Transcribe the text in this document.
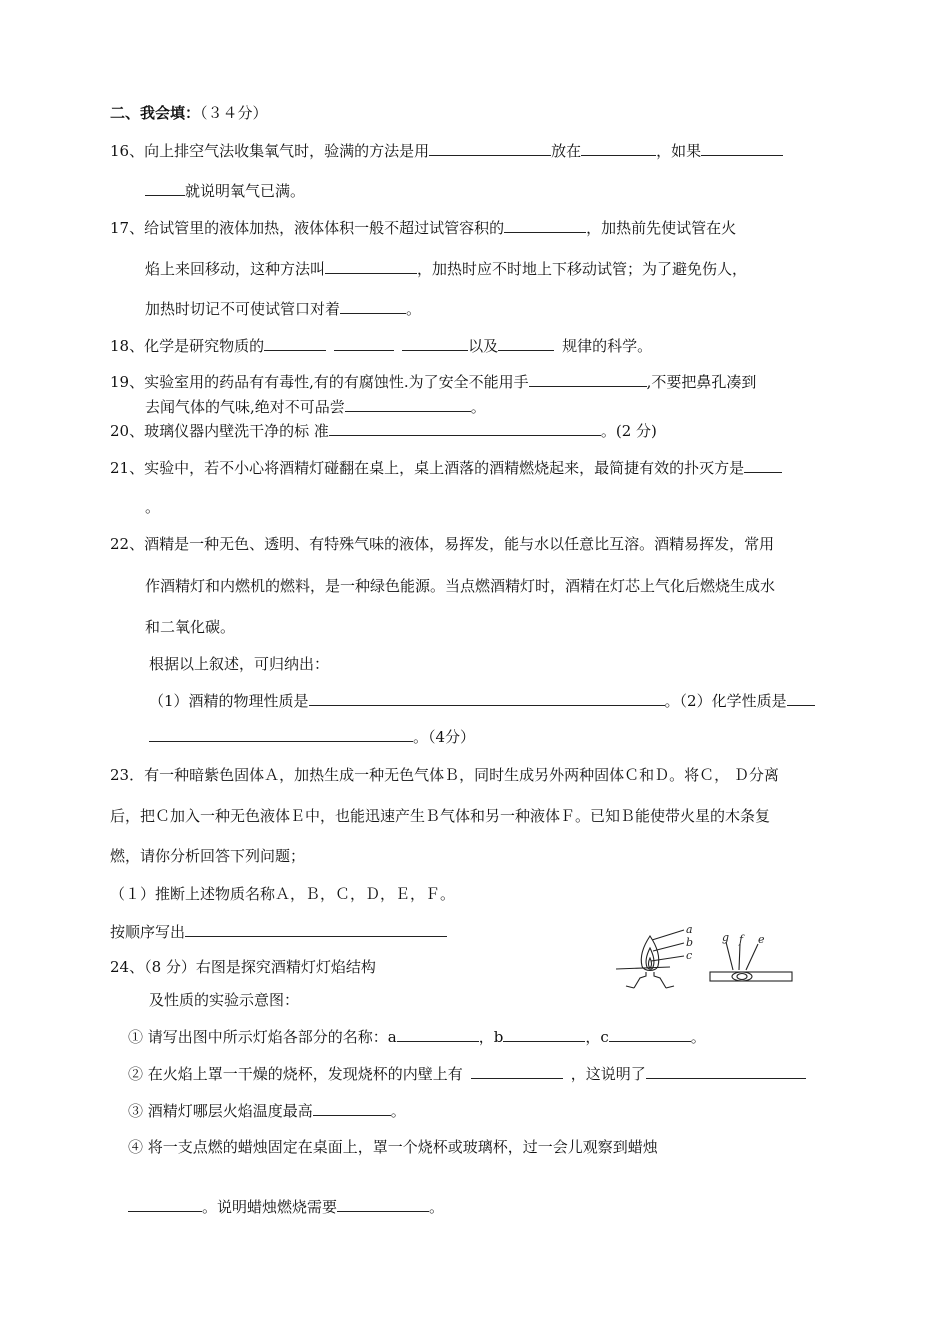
二、我会填：（３４分）
16、向上排空气法收集氧气时，验满的方法是用	放在	，如果
就说明氧气已满。
17、给试管里的液体加热，液体体积一般不超过试管容积的	，加热前先使试管在火
焰上来回移动，这种方法叫	，加热时应不时地上下移动试管；为了避免伤人，
加热时切记不可使试管口对着	。
18、化学是研究物质的	以及	规律的科学。
19、实验室用的药品有有毒性,有的有腐蚀性.为了安全不能用手	,不要把鼻孔凑到
去闻气体的气味,绝对不可品尝	。
20、玻璃仪器内壁洗干净的标 准	。(2 分)
21、实验中，若不小心将酒精灯碰翻在桌上，桌上酒落的酒精燃烧起来，最简捷有效的扑灭方是
。
22、酒精是一种无色、透明、有特殊气味的液体，易挥发，能与水以任意比互溶。酒精易挥发，常用
作酒精灯和内燃机的燃料，是一种绿色能源。当点燃酒精灯时，酒精在灯芯上气化后燃烧生成水
和二氧化碳。
根据以上叙述，可归纳出：
（1）酒精的物理性质是	。（2）化学性质是
。（4分）
23．有一种暗紫色固体Ａ，加热生成一种无色气体Ｂ，同时生成另外两种固体Ｃ和Ｄ。将Ｃ， Ｄ分离
后，把Ｃ加入一种无色液体Ｅ中，也能迅速产生Ｂ气体和另一种液体Ｆ。已知Ｂ能使带火星的木条复
燃，请你分析回答下列问题；
（１）推断上述物质名称Ａ，Ｂ，Ｃ，Ｄ，Ｅ，Ｆ。
按顺序写出
24、（8 分）右图是探究酒精灯灯焰结构
及性质的实验示意图：
① 请写出图中所示灯焰各部分的名称：a	，b	，c	。
② 在火焰上罩一干燥的烧杯，发现烧杯的内壁上有	，这说明了
③ 酒精灯哪层火焰温度最高	。
④ 将一支点燃的蜡烛固定在桌面上，罩一个烧杯或玻璃杯，过一会儿观察到蜡烛
。说明蜡烛燃烧需要	。
a
b
c
g f e
